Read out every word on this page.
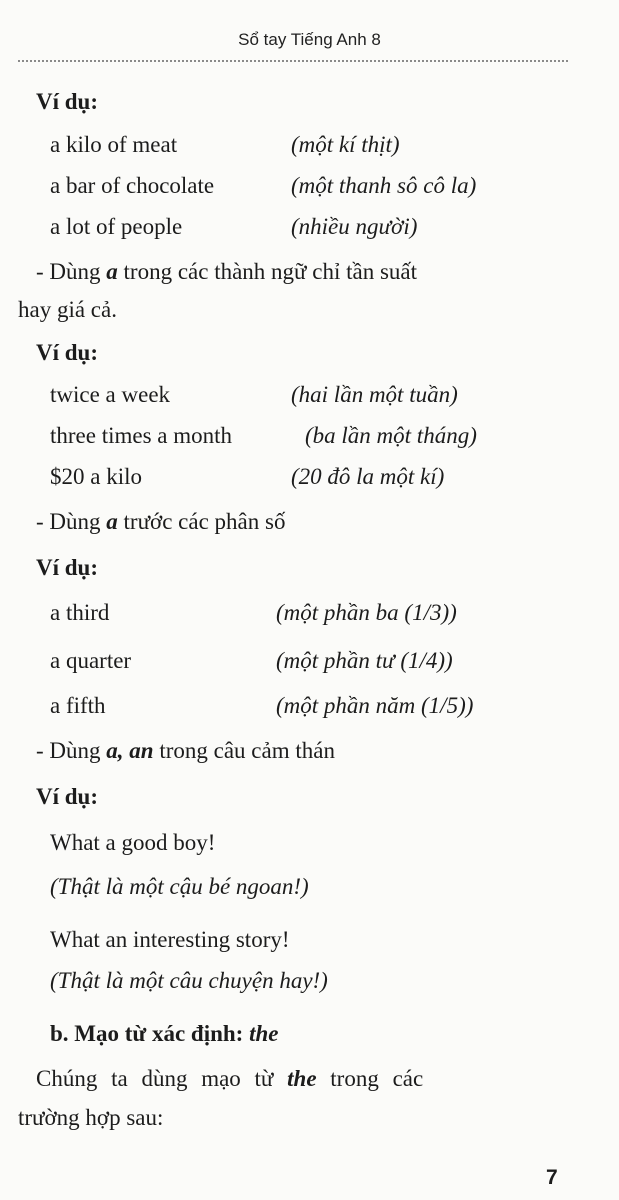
Sổ tay Tiếng Anh 8
Ví dụ:
a kilo of meat	(một kí thịt)
a bar of chocolate	(một thanh sô cô la)
a lot of people	(nhiều người)
- Dùng a trong các thành ngữ chỉ tần suất
hay giá cả.
Ví dụ:
twice a week	(hai lần một tuần)
three times a month	(ba lần một tháng)
$20 a kilo	(20 đô la một kí)
- Dùng a trước các phân số
Ví dụ:
a third	(một phần ba (1/3))
a quarter	(một phần tư (1/4))
a fifth	(một phần năm (1/5))
- Dùng a, an trong câu cảm thán
Ví dụ:
What a good boy!
(Thật là một cậu bé ngoan!)
What an interesting story!
(Thật là một câu chuyện hay!)
b. Mạo từ xác định: the
Chúng ta dùng mạo từ the trong các
trường hợp sau:
7
